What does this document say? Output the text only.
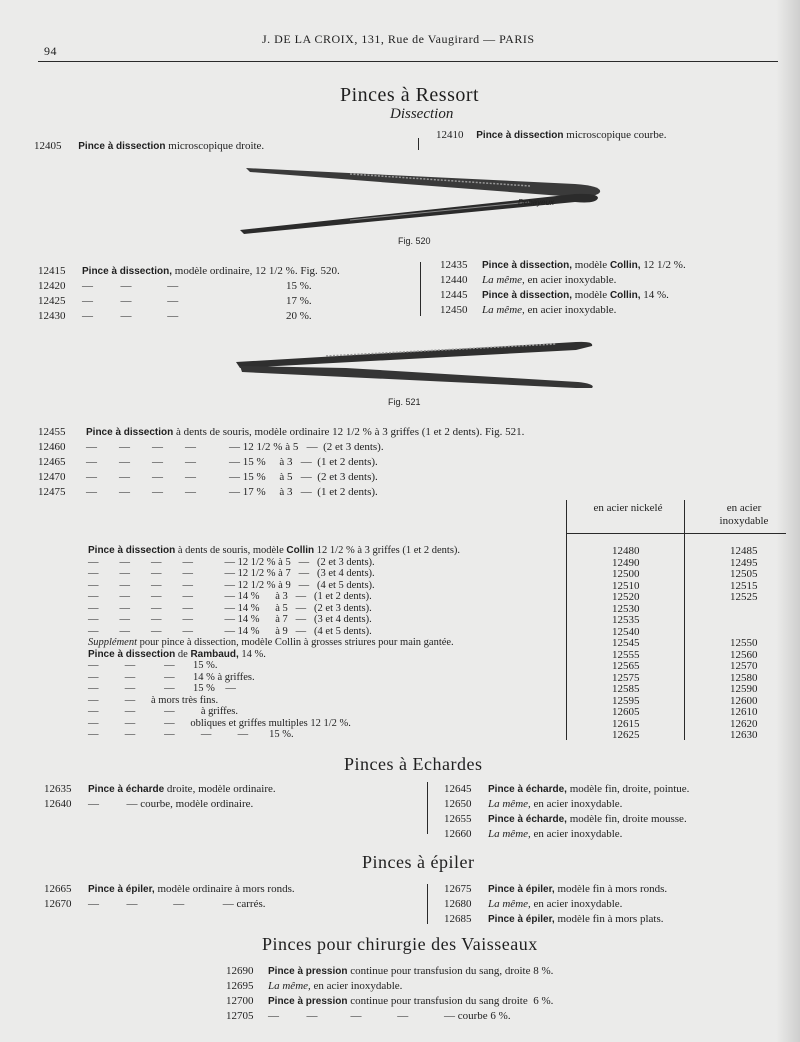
94
J. DE LA CROIX, 131, Rue de Vaugirard — PARIS
Pinces à Ressort
Dissection
12405 Pince à dissection microscopique droite.
12410 Pince à dissection microscopique courbe.
Debayeux
Fig. 520
12415 Pince à dissection, modèle ordinaire, 12 1/2 %. Fig. 520.
12420 —          —             —	15 %.
12425 —          —             —	17 %.
12430 —          —             —	20 %.
12435 Pince à dissection, modèle Collin, 12 1/2 %.
12440 La même, en acier inoxydable.
12445 Pince à dissection, modèle Collin, 14 %.
12450 La même, en acier inoxydable.
Fig. 521
12455 Pince à dissection à dents de souris, modèle ordinaire 12 1/2 % à 3 griffes (1 et 2 dents). Fig. 521.
12460 —        —        —        —            — 12 1/2 % à 5   —  (2 et 3 dents).
12465 —        —        —        —            — 15 %     à 3   —  (1 et 2 dents).
12470 —        —        —        —            — 15 %     à 5   —  (2 et 3 dents).
12475 —        —        —        —            — 17 %     à 3   —  (1 et 2 dents).
en acier nickelé	en acier inoxydable
Pince à dissection à dents de souris, modèle Collin 12 1/2 % à 3 griffes (1 et 2 dents).	12480	12485
—        —        —        —            — 12 1/2 % à 5   —   (2 et 3 dents).	12490	12495
—        —        —        —            — 12 1/2 % à 7   —   (3 et 4 dents).	12500	12505
—        —        —        —            — 12 1/2 % à 9   —   (4 et 5 dents).	12510	12515
—        —        —        —            — 14 %      à 3   —   (1 et 2 dents).	12520	12525
—        —        —        —            — 14 %      à 5   —   (2 et 3 dents).	12530
—        —        —        —            — 14 %      à 7   —   (3 et 4 dents).	12535
—        —        —        —            — 14 %      à 9   —   (4 et 5 dents).	12540
Supplément pour pince à dissection, modèle Collin à grosses striures pour main gantée.	12545	12550
Pince à dissection de Rambaud, 14 %.	12555	12560
—          —           —       15 %.	12565	12570
—          —           —       14 % à griffes.	12575	12580
—          —           —       15 %    —	12585	12590
—          —      à mors très fins.	12595	12600
—          —           —          à griffes.	12605	12610
—          —           —      obliques et griffes multiples 12 1/2 %.	12615	12620
—          —           —          —          —        15 %.	12625	12630
Pinces à Echardes
12635 Pince à écharde droite, modèle ordinaire.
12640 —          — courbe, modèle ordinaire.
12645 Pince à écharde, modèle fin, droite, pointue.
12650 La même, en acier inoxydable.
12655 Pince à écharde, modèle fin, droite mousse.
12660 La même, en acier inoxydable.
Pinces à épiler
12665 Pince à épiler, modèle ordinaire à mors ronds.
12670 —          —             —              — carrés.
12675 Pince à épiler, modèle fin à mors ronds.
12680 La même, en acier inoxydable.
12685 Pince à épiler, modèle fin à mors plats.
Pinces pour chirurgie des Vaisseaux
12690 Pince à pression continue pour transfusion du sang, droite 8 %.
12695 La même, en acier inoxydable.
12700 Pince à pression continue pour transfusion du sang droite  6 %.
12705 —          —            —             —             — courbe 6 %.
